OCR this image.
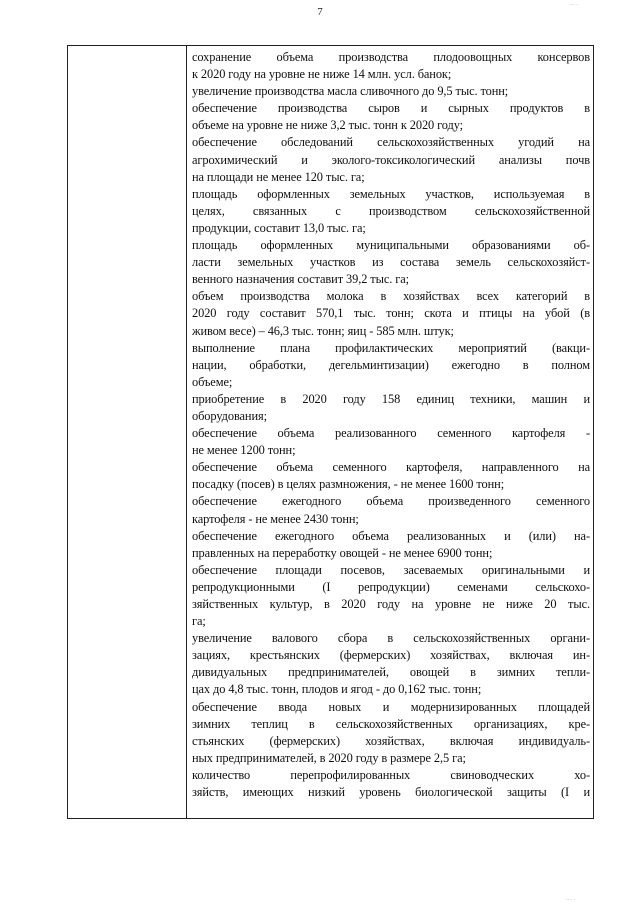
··· ·
7
сохранение объема производства плодоовощных консервов
к 2020 году на уровне не ниже 14 млн. усл. банок;
увеличение производства масла сливочного до 9,5 тыс. тонн;
обеспечение производства сыров и сырных продуктов в
объеме на уровне не ниже 3,2 тыс. тонн к 2020 году;
обеспечение обследований сельскохозяйственных угодий на
агрохимический и эколого-токсикологический анализы почв
на площади не менее 120 тыс. га;
площадь оформленных земельных участков, используемая в
целях, связанных с производством сельскохозяйственной
продукции, составит 13,0 тыс. га;
площадь оформленных муниципальными образованиями об-
ласти земельных участков из состава земель сельскохозяйст-
венного назначения составит 39,2 тыс. га;
объем производства молока в хозяйствах всех категорий в
2020 году составит 570,1 тыс. тонн; скота и птицы на убой (в
живом весе) – 46,3 тыс. тонн; яиц - 585 млн. штук;
выполнение плана профилактических мероприятий (вакци-
нации, обработки, дегельминтизации) ежегодно в полном
объеме;
приобретение в 2020 году 158 единиц техники, машин и
оборудования;
обеспечение объема реализованного семенного картофеля -
не менее 1200 тонн;
обеспечение объема семенного картофеля, направленного на
посадку (посев) в целях размножения, - не менее 1600 тонн;
обеспечение ежегодного объема произведенного семенного
картофеля - не менее 2430 тонн;
обеспечение ежегодного объема реализованных и (или) на-
правленных на переработку овощей - не менее 6900 тонн;
обеспечение площади посевов, засеваемых оригинальными и
репродукционными (I репродукции) семенами сельскохо-
зяйственных культур, в 2020 году на уровне не ниже 20 тыс.
га;
увеличение валового сбора в сельскохозяйственных органи-
зациях, крестьянских (фермерских) хозяйствах, включая ин-
дивидуальных предпринимателей, овощей в зимних тепли-
цах до 4,8 тыс. тонн, плодов и ягод - до 0,162 тыс. тонн;
обеспечение ввода новых и модернизированных площадей
зимних теплиц в сельскохозяйственных организациях, кре-
стьянских (фермерских) хозяйствах, включая индивидуаль-
ных предпринимателей, в 2020 году в размере 2,5 га;
количество перепрофилированных свиноводческих хо-
зяйств, имеющих низкий уровень биологической защиты (I и
··· ·
